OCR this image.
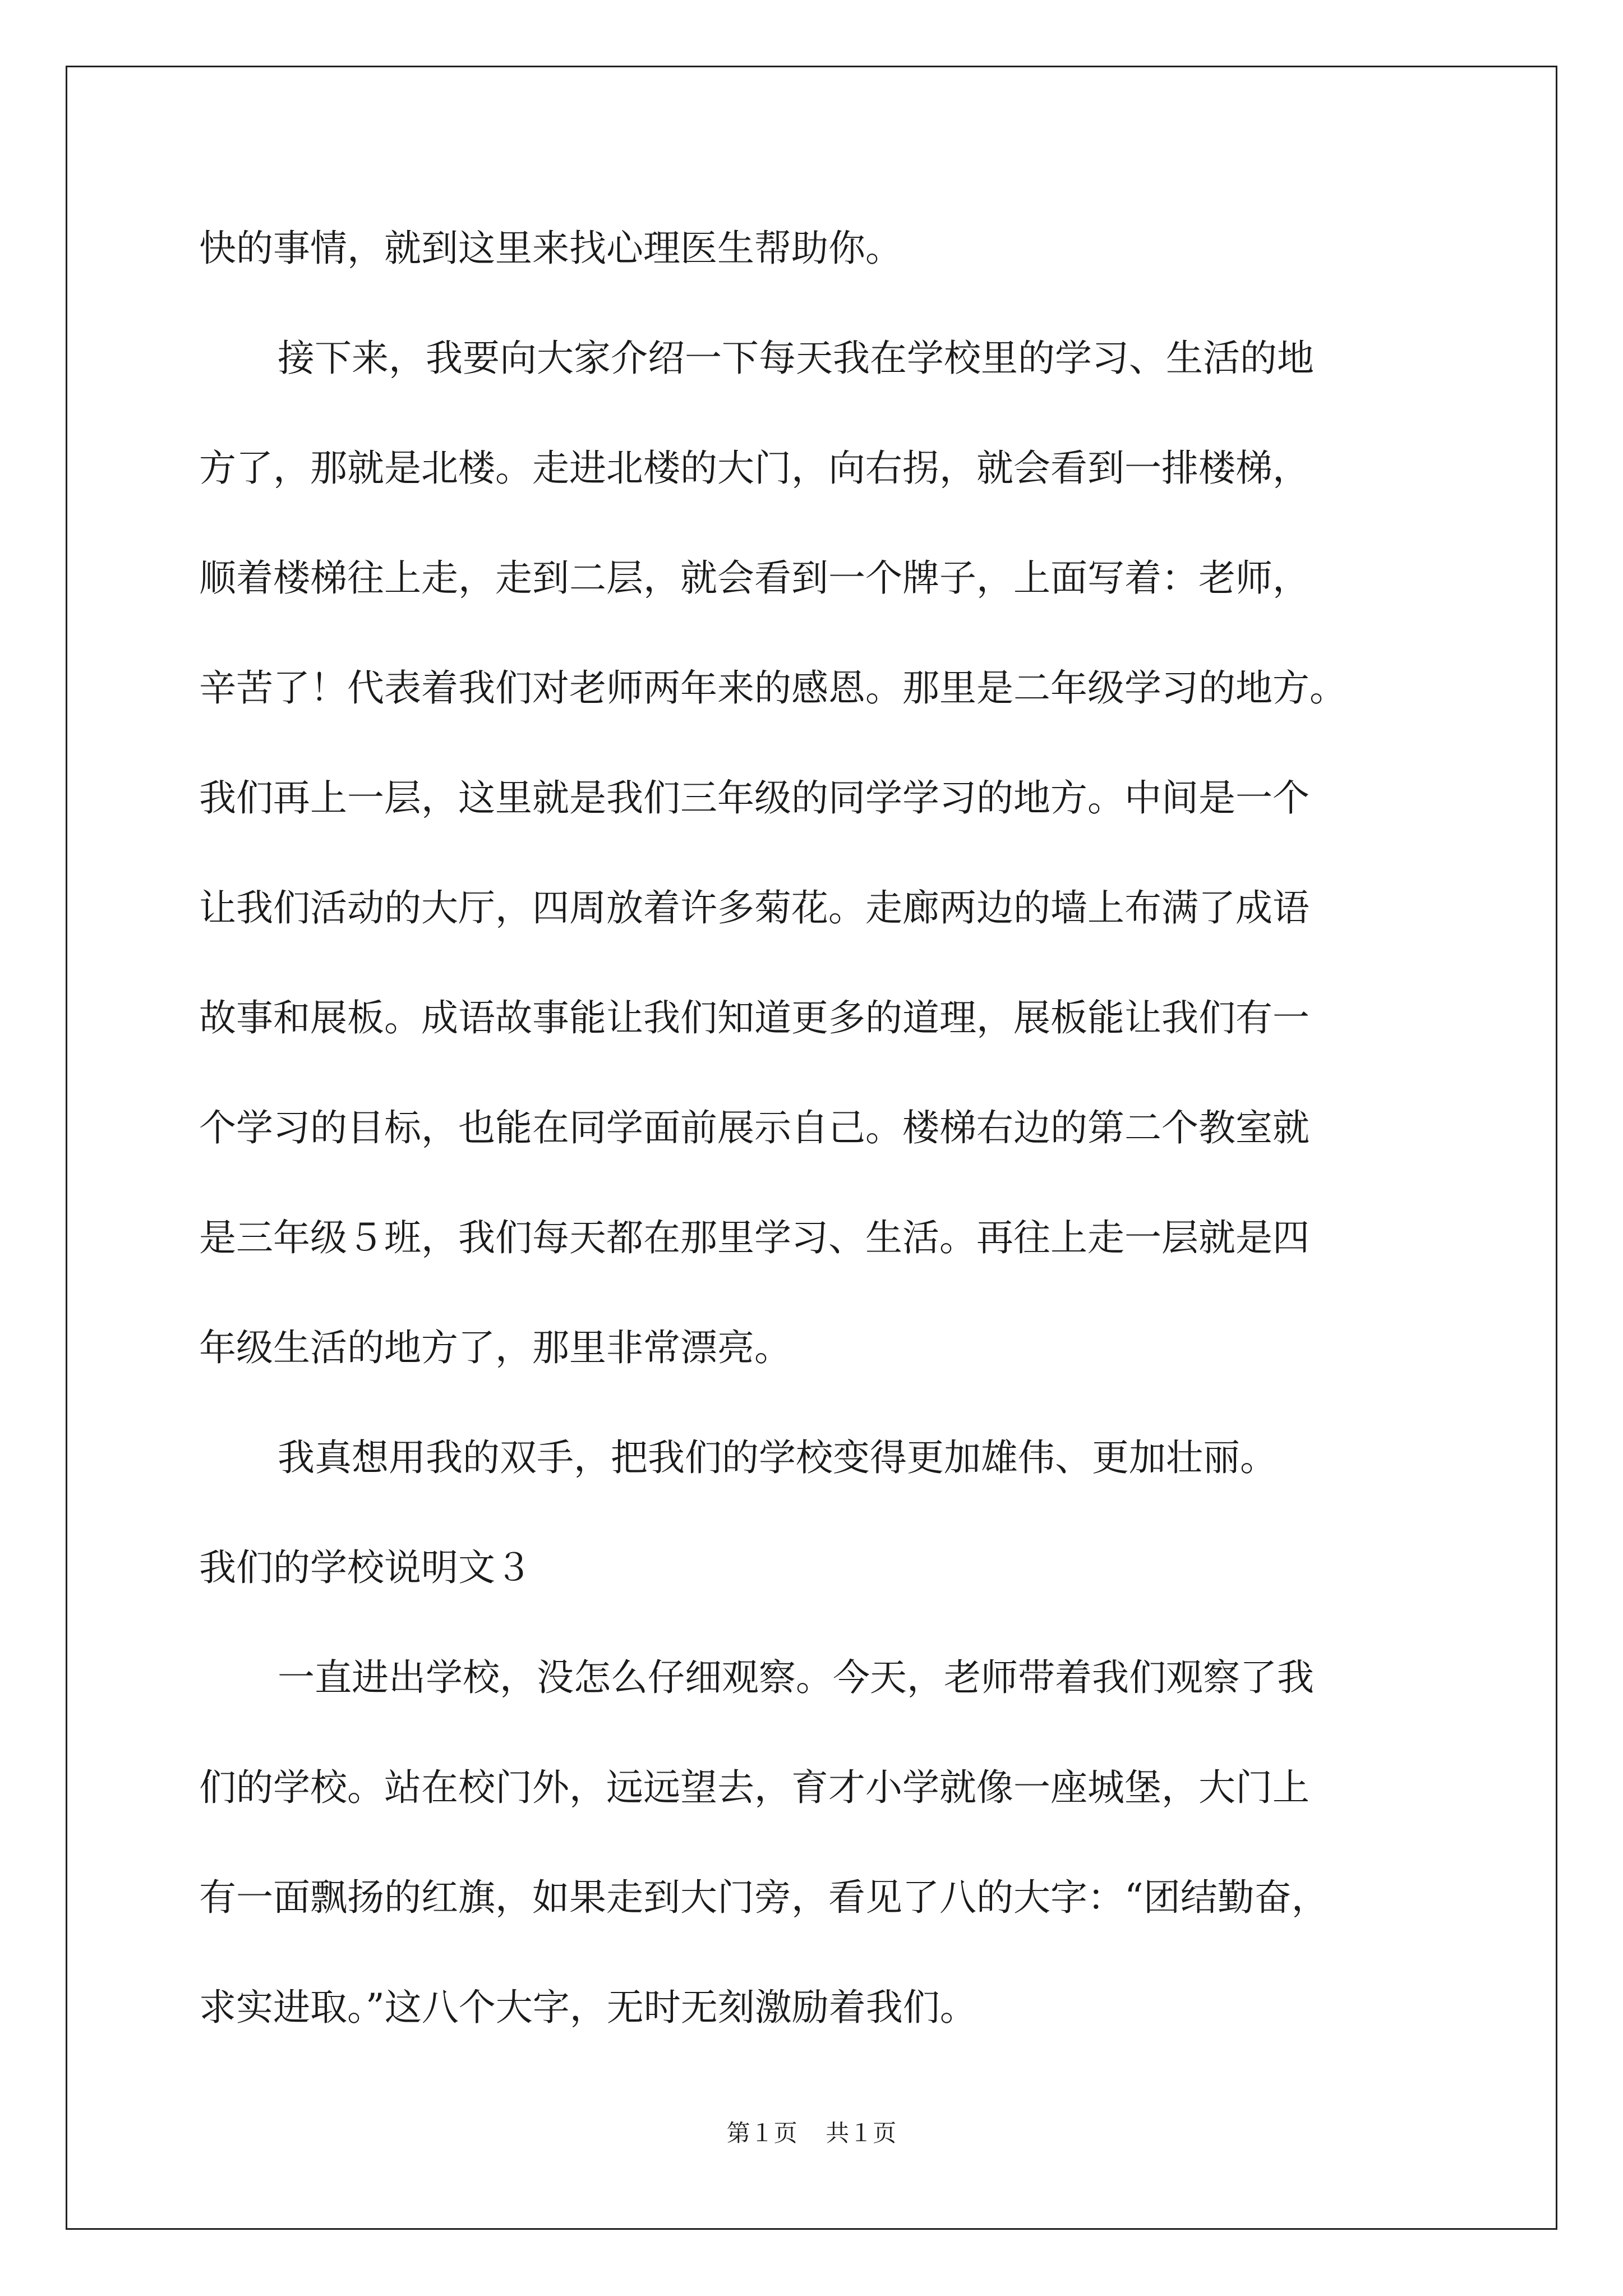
快的事情，就到这里来找心理医生帮助你。
接下来，我要向大家介绍一下每天我在学校里的学习、生活的地
方了，那就是北楼。走进北楼的大门，向右拐，就会看到一排楼梯，
顺着楼梯往上走，走到二层，就会看到一个牌子，上面写着：老师，
辛苦了！代表着我们对老师两年来的感恩。那里是二年级学习的地方。
我们再上一层，这里就是我们三年级的同学学习的地方。中间是一个
让我们活动的大厅，四周放着许多菊花。走廊两边的墙上布满了成语
故事和展板。成语故事能让我们知道更多的道理，展板能让我们有一
个学习的目标，也能在同学面前展示自己。楼梯右边的第二个教室就
是三年级５班，我们每天都在那里学习、生活。再往上走一层就是四
年级生活的地方了，那里非常漂亮。
我真想用我的双手，把我们的学校变得更加雄伟、更加壮丽。
我们的学校说明文３
一直进出学校，没怎么仔细观察。今天，老师带着我们观察了我
们的学校。站在校门外，远远望去，育才小学就像一座城堡，大门上
有一面飘扬的红旗，如果走到大门旁，看见了八的大字：“团结勤奋，
求实进取。”这八个大字，无时无刻激励着我们。
第１页 共１页
